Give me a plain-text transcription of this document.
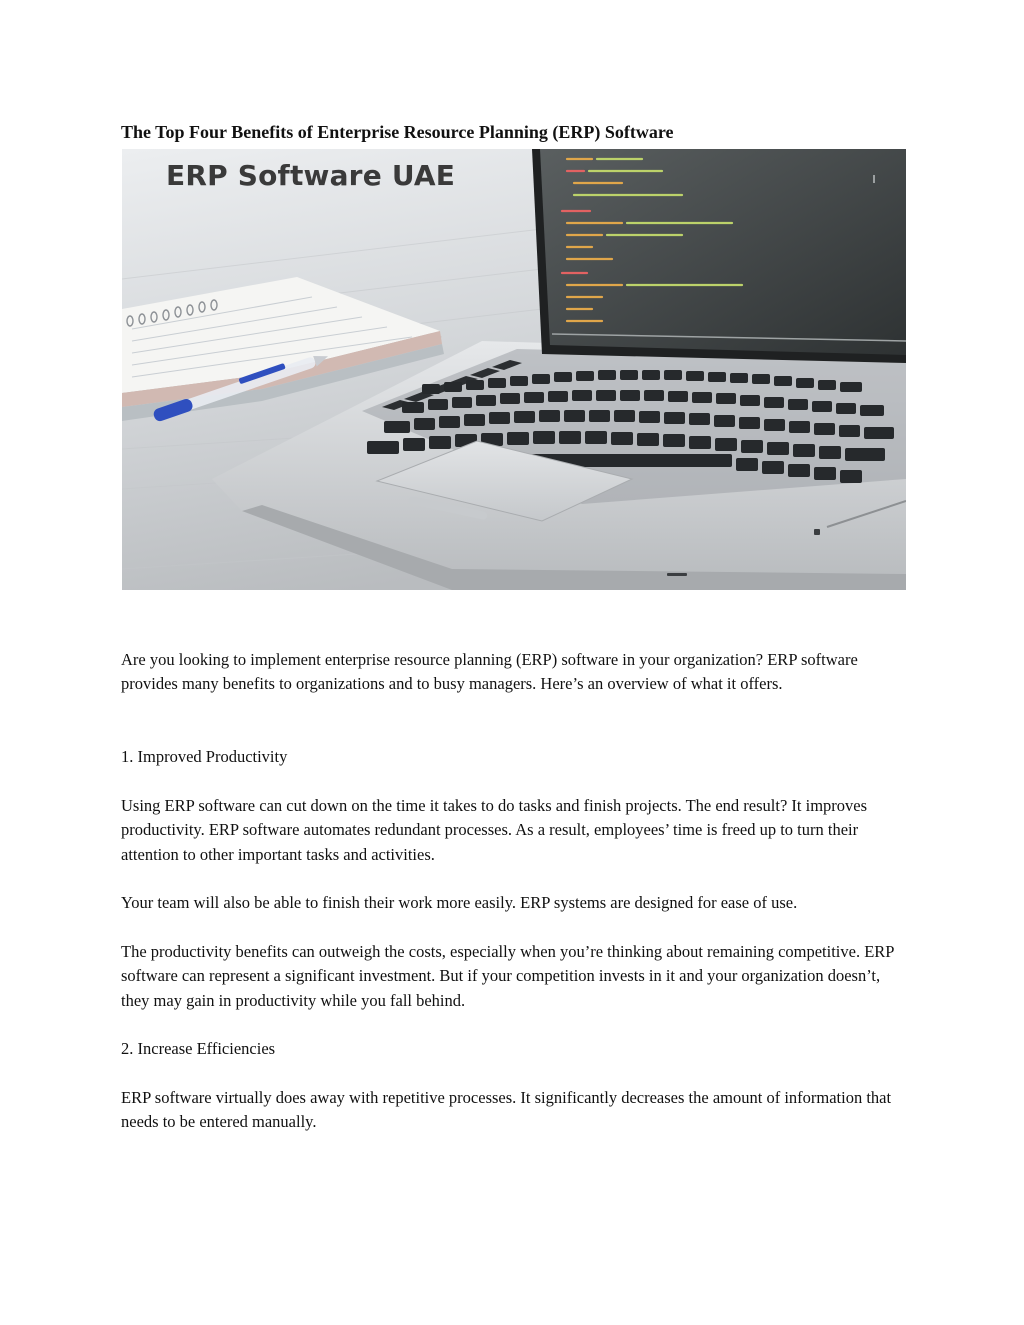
The Top Four Benefits of Enterprise Resource Planning (ERP) Software
ERP Software UAE

Are you looking to implement enterprise resource planning (ERP) software in your organization? ERP software provides many benefits to organizations and to busy managers. Here’s an overview of what it offers.

1. Improved Productivity

Using ERP software can cut down on the time it takes to do tasks and finish projects. The end result? It improves productivity. ERP software automates redundant processes. As a result, employees’ time is freed up to turn their attention to other important tasks and activities.

Your team will also be able to finish their work more easily. ERP systems are designed for ease of use.

The productivity benefits can outweigh the costs, especially when you’re thinking about remaining competitive. ERP software can represent a significant investment. But if your competition invests in it and your organization doesn’t, they may gain in productivity while you fall behind.

2. Increase Efficiencies

ERP software virtually does away with repetitive processes. It significantly decreases the amount of information that needs to be entered manually.
